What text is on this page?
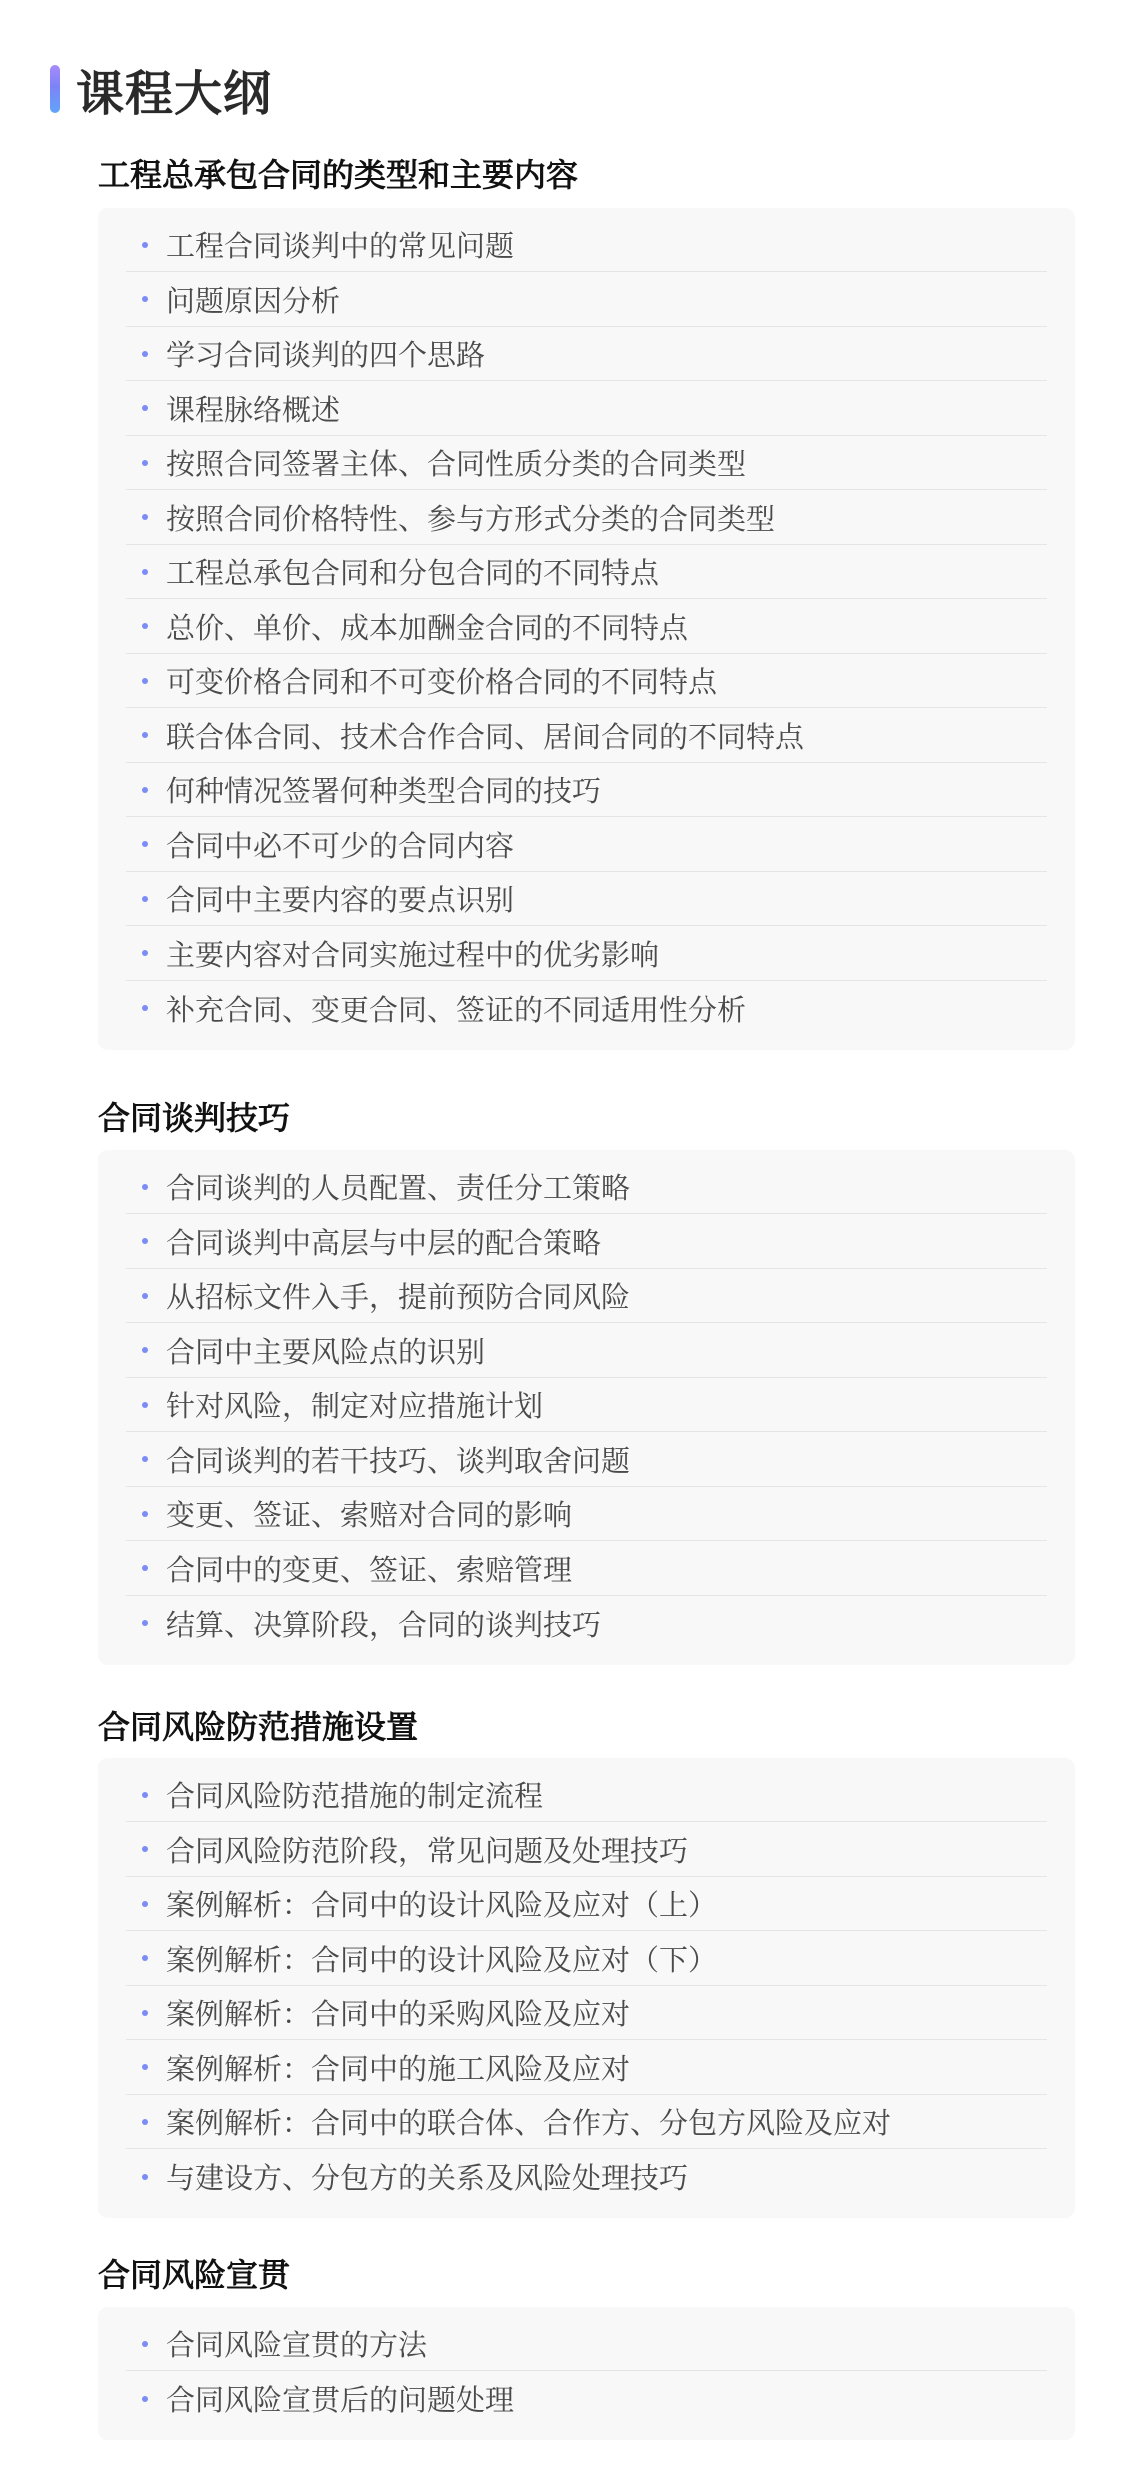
课程大纲
工程总承包合同的类型和主要内容
工程合同谈判中的常见问题
问题原因分析
学习合同谈判的四个思路
课程脉络概述
按照合同签署主体、合同性质分类的合同类型
按照合同价格特性、参与方形式分类的合同类型
工程总承包合同和分包合同的不同特点
总价、单价、成本加酬金合同的不同特点
可变价格合同和不可变价格合同的不同特点
联合体合同、技术合作合同、居间合同的不同特点
何种情况签署何种类型合同的技巧
合同中必不可少的合同内容
合同中主要内容的要点识别
主要内容对合同实施过程中的优劣影响
补充合同、变更合同、签证的不同适用性分析
合同谈判技巧
合同谈判的人员配置、责任分工策略
合同谈判中高层与中层的配合策略
从招标文件入手，提前预防合同风险
合同中主要风险点的识别
针对风险，制定对应措施计划
合同谈判的若干技巧、谈判取舍问题
变更、签证、索赔对合同的影响
合同中的变更、签证、索赔管理
结算、决算阶段，合同的谈判技巧
合同风险防范措施设置
合同风险防范措施的制定流程
合同风险防范阶段，常见问题及处理技巧
案例解析：合同中的设计风险及应对（上）
案例解析：合同中的设计风险及应对（下）
案例解析：合同中的采购风险及应对
案例解析：合同中的施工风险及应对
案例解析：合同中的联合体、合作方、分包方风险及应对
与建设方、分包方的关系及风险处理技巧
合同风险宣贯
合同风险宣贯的方法
合同风险宣贯后的问题处理
